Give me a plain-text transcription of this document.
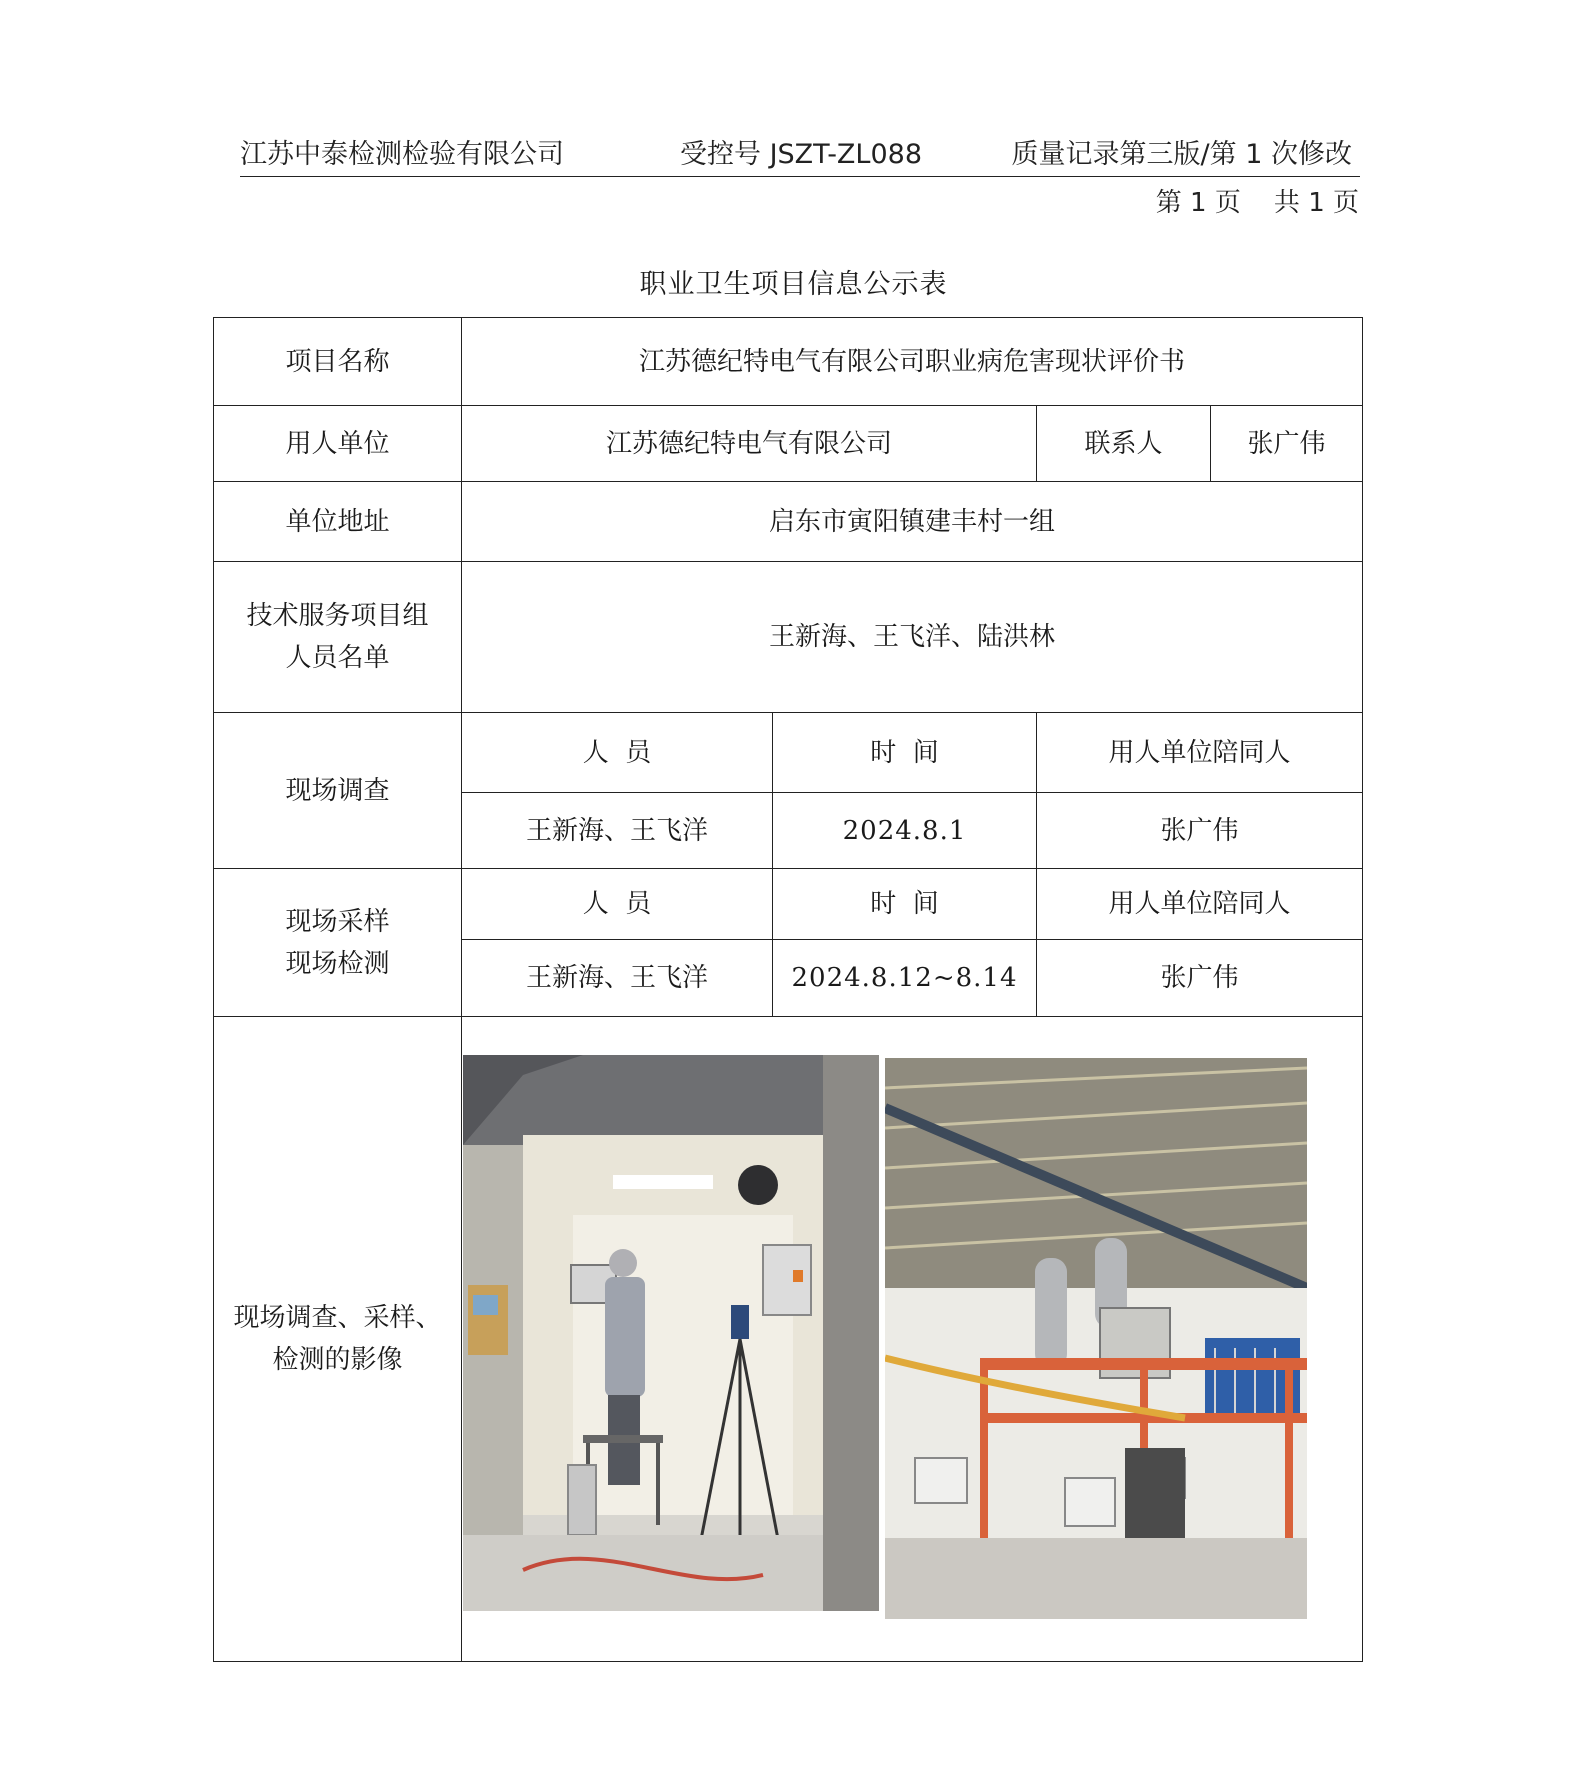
江苏中泰检测检验有限公司	受控号 JSZT-ZL088	质量记录第三版/第 1 次修改
第 1 页    共 1 页
职业卫生项目信息公示表
项目名称	江苏德纪特电气有限公司职业病危害现状评价书			
用人单位	江苏德纪特电气有限公司		联系人	张广伟
单位地址	启东市寅阳镇建丰村一组			

技术服务项目组
人员名单	王新海、王飞洋、陆洪林			
现场调查	人  员	时  间	用人单位陪同人	
	王新海、王飞洋	2024.8.1	张广伟	

现场采样
现场检测	人  员	时  间	用人单位陪同人	
	王新海、王飞洋	2024.8.12~8.14	张广伟	

现场调查、采样、
检测的影像
